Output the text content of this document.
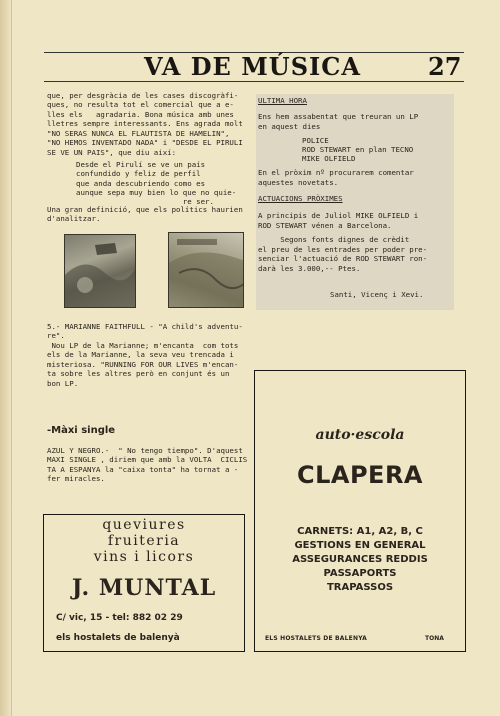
VA DE MÚSICA	27
que, per desgràcia de les cases discogràfi-
ques, no resulta tot el comercial que a e-
lles els   agradaria. Bona música amb unes
lletres sempre interessants. Ens agrada molt
"NO SERAS NUNCA EL FLAUTISTA DE HAMELIN",
"NO HEMOS INVENTADO NADA" i "DESDE EL PIRULI
SE VE UN PAIS", que diu així:
Desde el Pirulí se ve un país
confundido y feliz de perfil
que anda descubriendo como es
aunque sepa muy bien lo que no quie-
re ser.
Una gran definició, que els polítics haurien
d'analitzar.
5.- MARIANNE FAITHFULL - "A child's adventu-
re".
Nou LP de la Marianne; m'encanta  com tots
els de la Marianne, la seva veu trencada i
misteriosa. "RUNNING FOR OUR LIVES m'encan-
ta sobre les altres però en conjunt és un
bon LP.
-Màxi single
AZUL Y NEGRO.-  " No tengo tiempo". D'aquest
MAXI SINGLE , diriem que amb la VOLTA  CICLIS
TA A ESPANYA la "caixa tonta" ha tornat a -
fer miracles.
ULTIMA HORA
Ens hem assabentat que treuran un LP
en aquest dies
POLICE
ROD STEWART en plan TECNO
MIKE OLFIELD
En el pròxim nº procurarem comentar
aquestes novetats.
ACTUACIONS PRÒXIMES
A principis de Juliol MIKE OLFIELD i
ROD STEWART vénen a Barcelona.
Segons fonts dignes de crèdit
el preu de les entrades per poder pre-
senciar l'actuació de ROD STEWART ron-
darà les 3.000,-- Ptes.
Santi, Vicenç i Xevi.
queviures
fruiteria
vins i licors
J. MUNTAL
C/ vic, 15 - tel: 882 02 29
els hostalets de balenyà
auto·escola
CLAPERA
CARNETS: A1, A2, B, C
GESTIONS EN GENERAL
ASSEGURANCES REDDIS
PASSAPORTS
TRAPASSOS
ELS HOSTALETS DE BALENYA	TONA
